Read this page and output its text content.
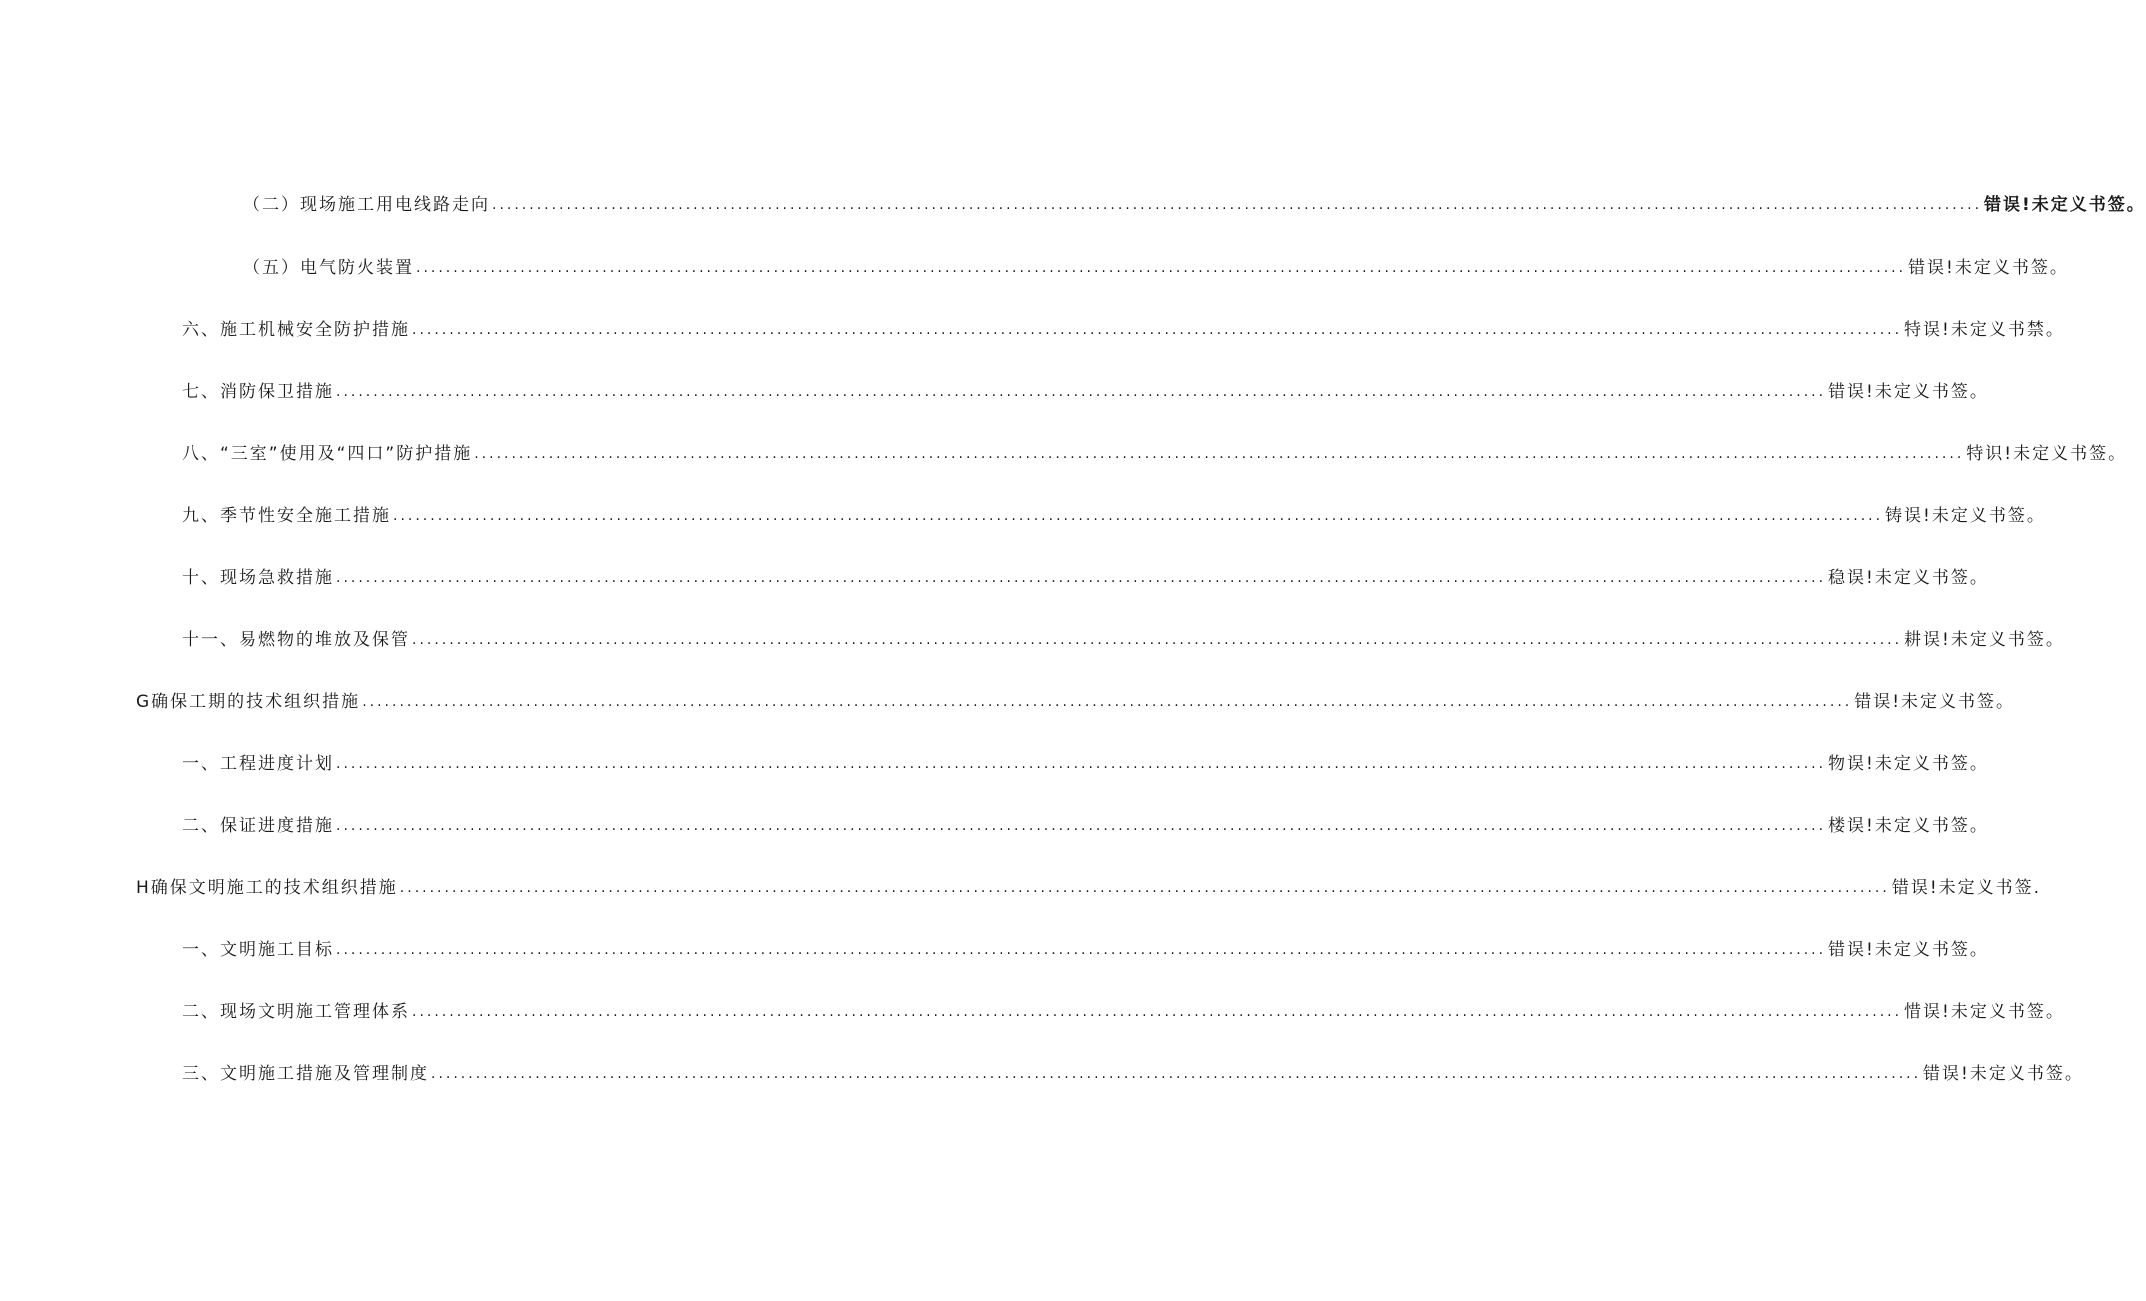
（二）现场施工用电线路走向 ........................................................................................................................................................................................................ 错误!未定义书签。
（五）电气防火装置 ........................................................................................................................................................................................................ 错误!未定义书签。
六、施工机械安全防护措施 ........................................................................................................................................................................................................ 特误!未定义书禁。
七、消防保卫措施 ........................................................................................................................................................................................................ 错误!未定义书签。
八、“三室”使用及“四口”防护措施 ........................................................................................................................................................................................................ 特识!未定义书签。
九、季节性安全施工措施 ........................................................................................................................................................................................................ 铸误!未定义书签。
十、现场急救措施 ........................................................................................................................................................................................................ 稳误!未定义书签。
十一、易燃物的堆放及保管 ........................................................................................................................................................................................................ 耕误!未定义书签。
G确保工期的技术组织措施 ........................................................................................................................................................................................................ 错误!未定义书签。
一、工程进度计划 ........................................................................................................................................................................................................ 物误!未定义书签。
二、保证进度措施 ........................................................................................................................................................................................................ 楼误!未定义书签。
H确保文明施工的技术组织措施 ........................................................................................................................................................................................................ 错误!未定义书签.
一、文明施工目标 ........................................................................................................................................................................................................ 错误!未定义书签。
二、现场文明施工管理体系 ........................................................................................................................................................................................................ 惜误!未定义书签。
三、文明施工措施及管理制度 ........................................................................................................................................................................................................ 错误!未定义书签。
